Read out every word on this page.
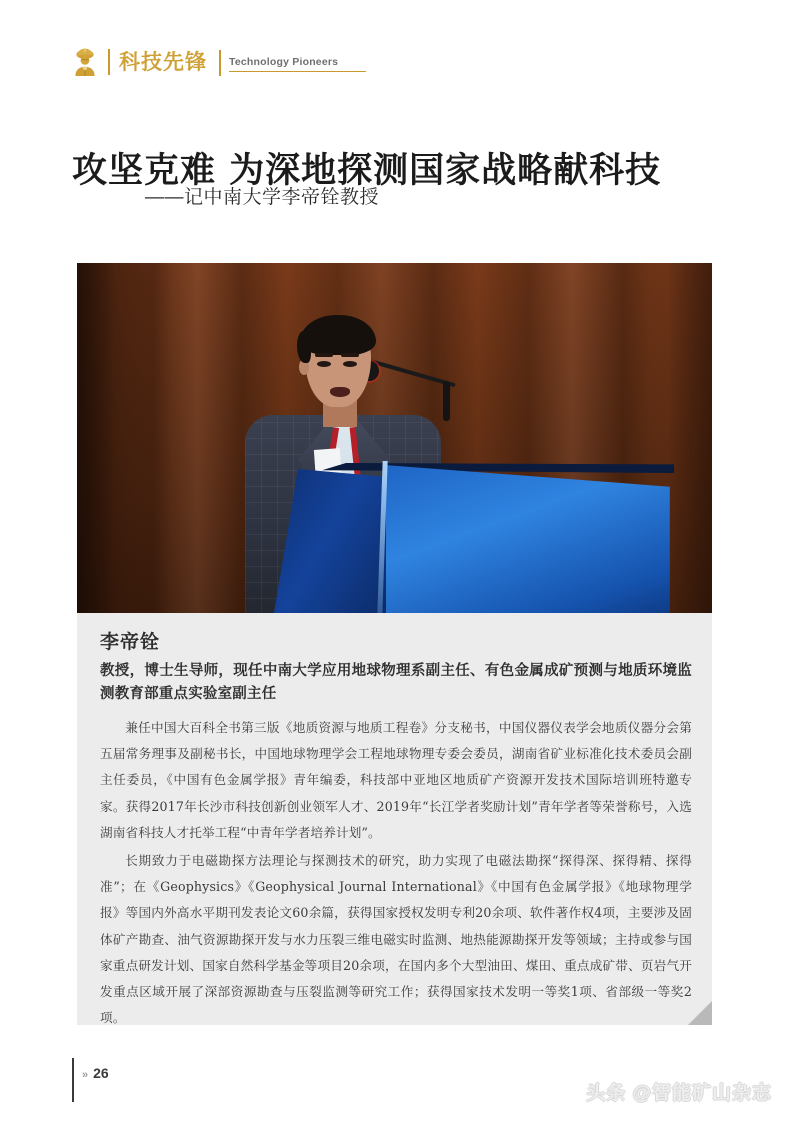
科技先锋	Technology Pioneers
攻坚克难 为深地探测国家战略献科技
——记中南大学李帝铨教授
李帝铨
教授，博士生导师，现任中南大学应用地球物理系副主任、有色金属成矿预测与地质环境监测教育部重点实验室副主任

兼任中国大百科全书第三版《地质资源与地质工程卷》分支秘书，中国仪器仪表学会地质仪器分会第五届常务理事及副秘书长，中国地球物理学会工程地球物理专委会委员，湖南省矿业标准化技术委员会副主任委员，《中国有色金属学报》青年编委，科技部中亚地区地质矿产资源开发技术国际培训班特邀专家。获得2017年长沙市科技创新创业领军人才、2019年“长江学者奖励计划”青年学者等荣誉称号，入选湖南省科技人才托举工程“中青年学者培养计划”。

长期致力于电磁勘探方法理论与探测技术的研究，助力实现了电磁法勘探“探得深、探得精、探得准”；在《Geophysics》《Geophysical Journal International》《中国有色金属学报》《地球物理学报》等国内外高水平期刊发表论文60余篇，获得国家授权发明专利20余项、软件著作权4项，主要涉及固体矿产勘查、油气资源勘探开发与水力压裂三维电磁实时监测、地热能源勘探开发等领域；主持或参与国家重点研发计划、国家自然科学基金等项目20余项，在国内多个大型油田、煤田、重点成矿带、页岩气开发重点区域开展了深部资源勘查与压裂监测等研究工作；获得国家技术发明一等奖1项、省部级一等奖2项。

» 26
头条 @智能矿山杂志
